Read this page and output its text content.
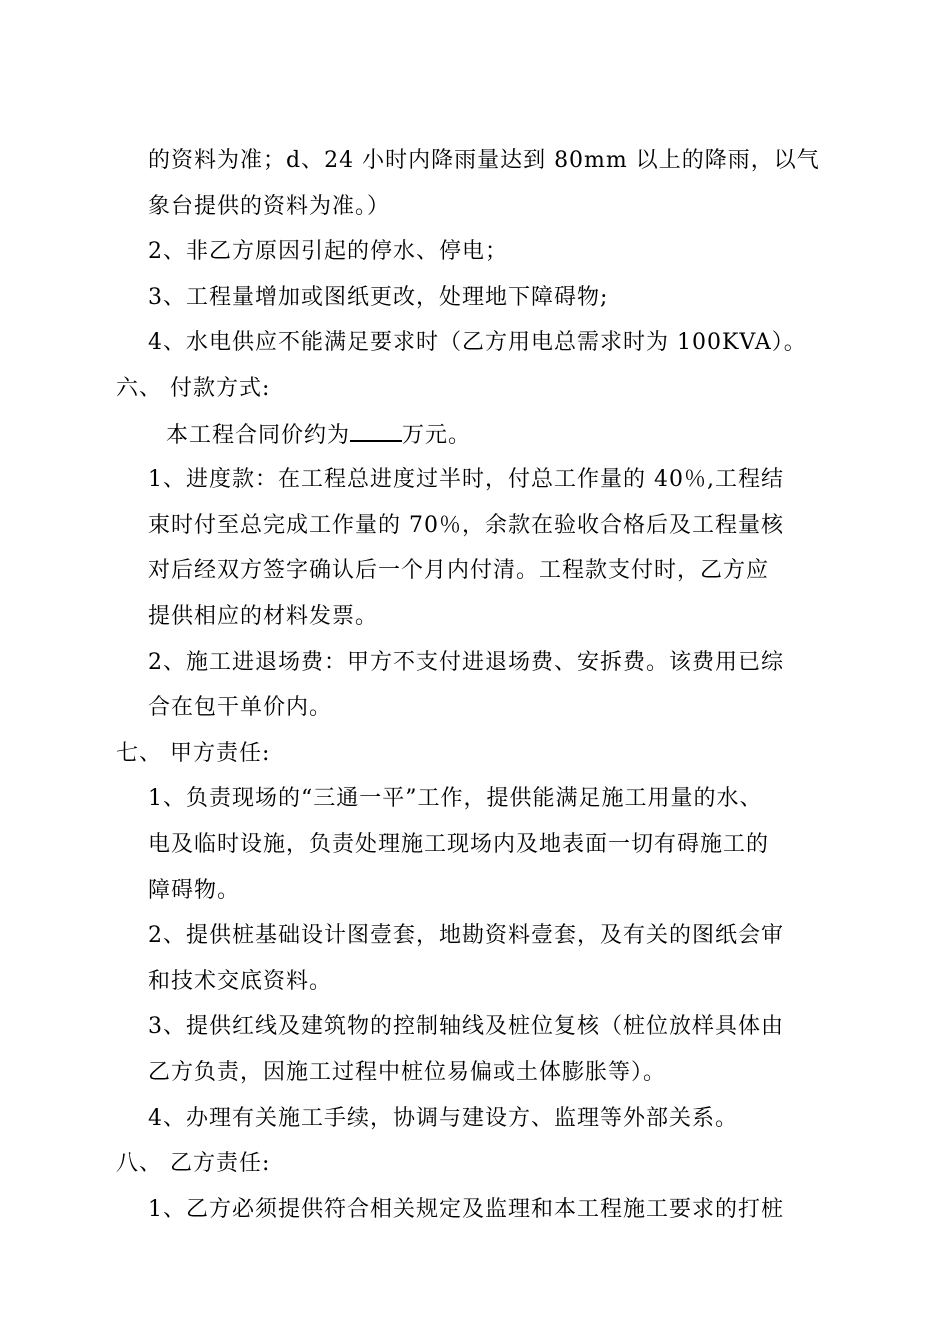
的资料为准；d、24 小时内降雨量达到 80mm 以上的降雨，以气
象台提供的资料为准。）
2、非乙方原因引起的停水、停电；
3、工程量增加或图纸更改，处理地下障碍物;
4、水电供应不能满足要求时（乙方用电总需求时为 100KVA）。
六、 付款方式:
本工程合同价约为 万元。
1、进度款：在工程总进度过半时，付总工作量的 40％,工程结
束时付至总完成工作量的 70％，余款在验收合格后及工程量核
对后经双方签字确认后一个月内付清。工程款支付时，乙方应
提供相应的材料发票。
2、施工进退场费：甲方不支付进退场费、安拆费。该费用已综
合在包干单价内。
七、 甲方责任:
1、负责现场的“三通一平”工作，提供能满足施工用量的水、
电及临时设施，负责处理施工现场内及地表面一切有碍施工的
障碍物。
2、提供桩基础设计图壹套，地勘资料壹套，及有关的图纸会审
和技术交底资料。
3、提供红线及建筑物的控制轴线及桩位复核（桩位放样具体由
乙方负责，因施工过程中桩位易偏或土体膨胀等）。
4、办理有关施工手续，协调与建设方、监理等外部关系。
八、 乙方责任:
1、乙方必须提供符合相关规定及监理和本工程施工要求的打桩
